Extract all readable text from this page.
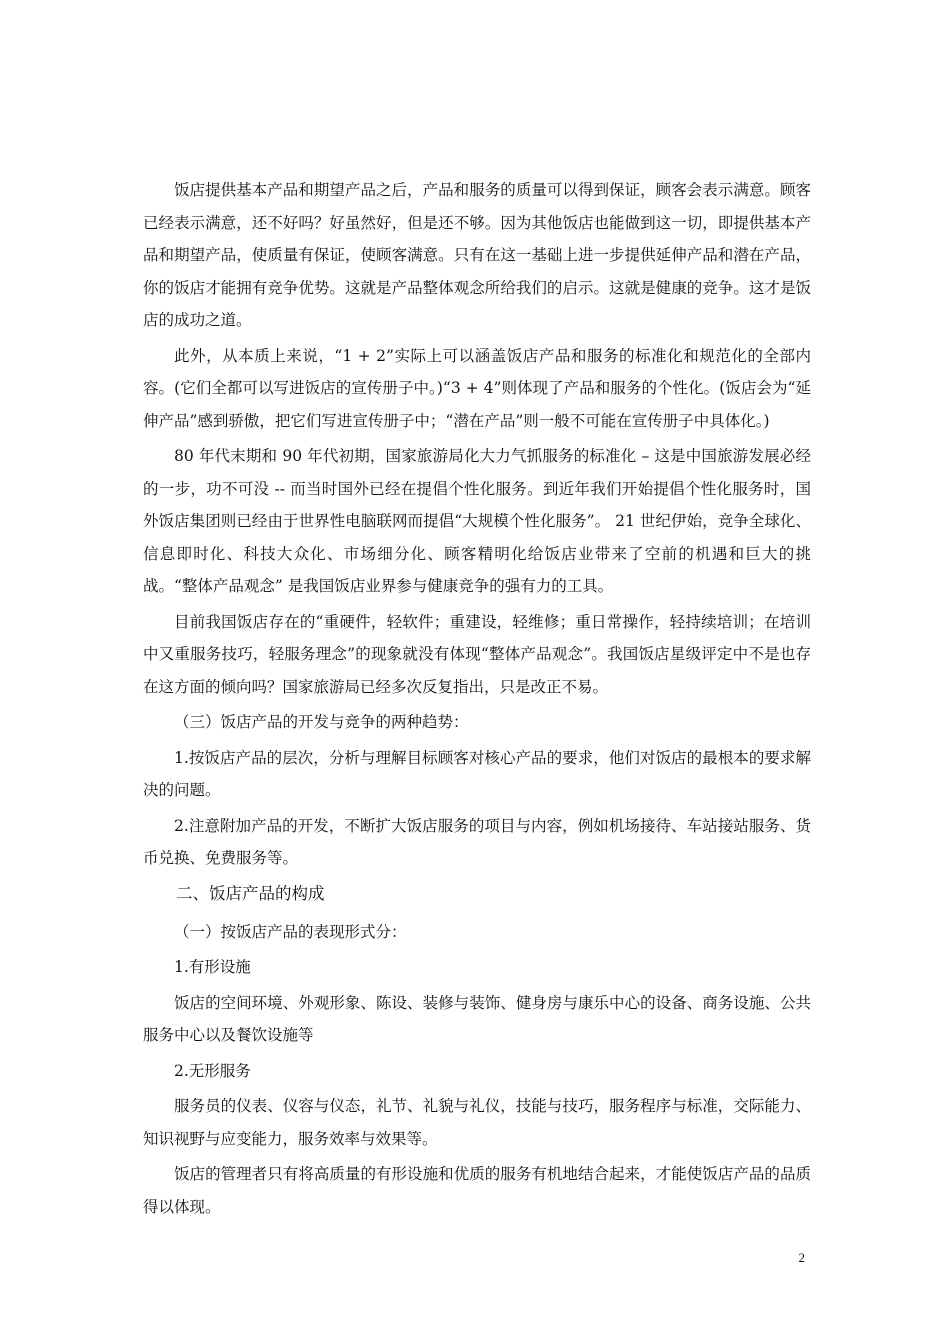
饭店提供基本产品和期望产品之后，产品和服务的质量可以得到保证，顾客会表示满意。顾客已经表示满意，还不好吗？好虽然好，但是还不够。因为其他饭店也能做到这一切，即提供基本产品和期望产品，使质量有保证，使顾客满意。只有在这一基础上进一步提供延伸产品和潜在产品，你的饭店才能拥有竞争优势。这就是产品整体观念所给我们的启示。这就是健康的竞争。这才是饭店的成功之道。

此外，从本质上来说，“1 + 2”实际上可以涵盖饭店产品和服务的标准化和规范化的全部内容。(它们全都可以写进饭店的宣传册子中。)“3 + 4”则体现了产品和服务的个性化。(饭店会为“延伸产品”感到骄傲，把它们写进宣传册子中；“潜在产品”则一般不可能在宣传册子中具体化。)

80 年代末期和 90 年代初期，国家旅游局化大力气抓服务的标准化 – 这是中国旅游发展必经的一步，功不可没 -- 而当时国外已经在提倡个性化服务。到近年我们开始提倡个性化服务时，国外饭店集团则已经由于世界性电脑联网而提倡“大规模个性化服务”。 21 世纪伊始，竞争全球化、信息即时化、科技大众化、市场细分化、顾客精明化给饭店业带来了空前的机遇和巨大的挑战。“整体产品观念” 是我国饭店业界参与健康竞争的强有力的工具。

目前我国饭店存在的“重硬件，轻软件；重建设，轻维修；重日常操作，轻持续培训；在培训中又重服务技巧，轻服务理念”的现象就没有体现“整体产品观念”。我国饭店星级评定中不是也存在这方面的倾向吗？国家旅游局已经多次反复指出，只是改正不易。

（三）饭店产品的开发与竞争的两种趋势：

1.按饭店产品的层次，分析与理解目标顾客对核心产品的要求，他们对饭店的最根本的要求解决的问题。

2.注意附加产品的开发，不断扩大饭店服务的项目与内容，例如机场接待、车站接站服务、货币兑换、免费服务等。

二、饭店产品的构成

（一）按饭店产品的表现形式分：

1.有形设施

饭店的空间环境、外观形象、陈设、装修与装饰、健身房与康乐中心的设备、商务设施、公共服务中心以及餐饮设施等

2.无形服务

服务员的仪表、仪容与仪态，礼节、礼貌与礼仪，技能与技巧，服务程序与标准，交际能力、知识视野与应变能力，服务效率与效果等。

饭店的管理者只有将高质量的有形设施和优质的服务有机地结合起来，才能使饭店产品的品质得以体现。

2
